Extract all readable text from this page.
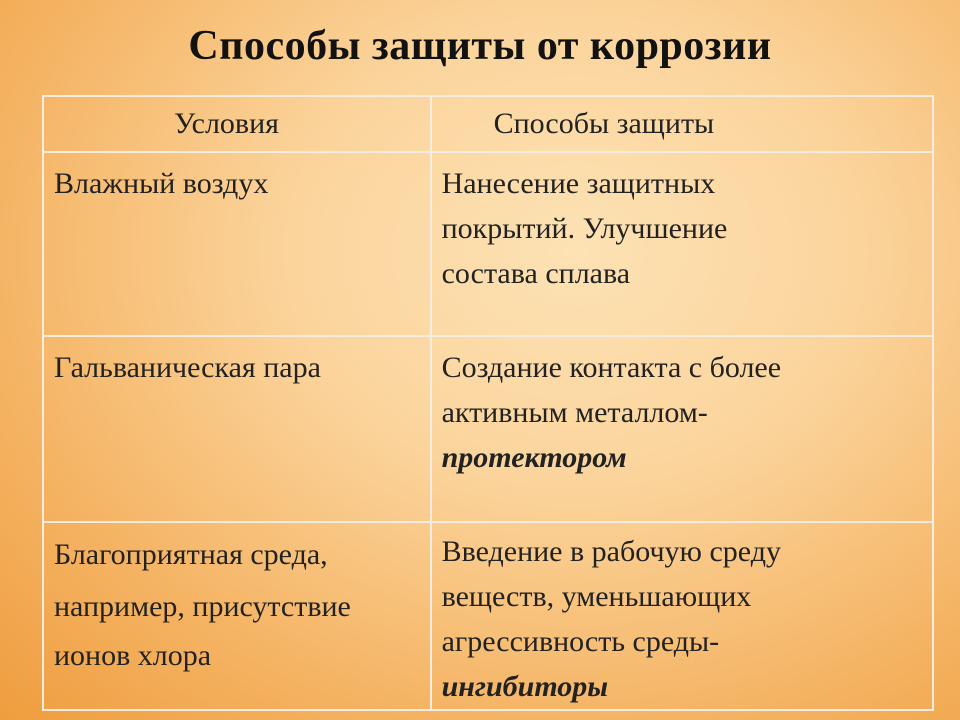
Способы защиты от коррозии
Условия	Способы защиты

Влажный воздух	Нанесение защитных
покрытий. Улучшение
состава сплава

Гальваническая пара	Создание контакта с более
активным металлом-
протектором

Благоприятная среда,
например, присутствие
ионов хлора	Введение в рабочую среду
веществ, уменьшающих
агрессивность среды-
ингибиторы
